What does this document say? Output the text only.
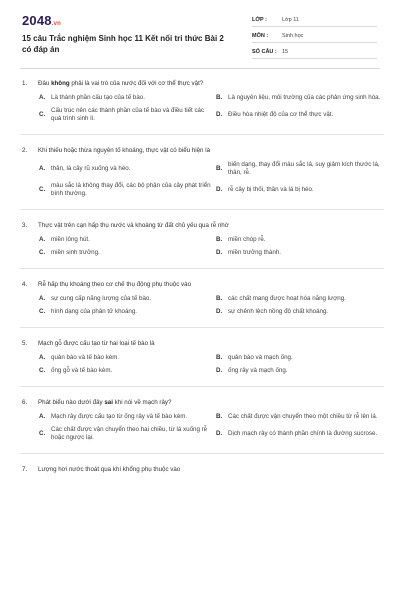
2048.vn
15 câu Trắc nghiệm Sinh học 11 Kết nối tri thức Bài 2 có đáp án
LỚP :	Lớp 11
MÔN :	Sinh học
SỐ CÂU : 15
1.	Đâu không phải là vai trò của nước đối với cơ thể thực vật?
A. Là thành phần cấu tạo của tế bào.	B. Là nguyên liệu, môi trường của các phản ứng sinh hóa.
C.
Cấu trúc nên các thành phần của tế bào và điều tiết các quá trình sinh lí.
D. Điều hòa nhiệt độ của cơ thể thực vật.
2.	Khi thiếu hoặc thừa nguyên tố khoáng, thực vật có biểu hiện là
A. thân, lá cây rũ xuống và héo.	B.
biến dạng, thay đổi màu sắc lá, suy giảm kích thước lá, thân, rễ.
C.
màu sắc lá không thay đổi, các bộ phận của cây phát triển bình thường.
D. rễ cây bị thối, thân và lá bị héo.
3.	Thực vật trên cạn hấp thụ nước và khoáng từ đất chủ yếu qua rễ nhờ
A. miền lông hút.	B. miền chóp rễ.
C. miền sinh trưởng.	D. miền trưởng thành.
4.	Rễ hấp thụ khoáng theo cơ chế thụ động phụ thuộc vào
A. sự cung cấp năng lượng của tế bào.	B. các chất mang được hoạt hóa năng lượng.
C. hình dạng của phân tử khoáng.	D. sự chênh lệch nồng độ chất khoáng.
5.	Mạch gỗ được cấu tạo từ hai loại tế bào là
A. quản bào và tế bào kèm.	B. quản bào và mạch ống.
C. ống gỗ và tế bào kèm.	D. ống rây và mạch ống.
6.	Phát biểu nào dưới đây sai khi nói về mạch rây?
A. Mạch rây được cấu tạo từ ống rây và tế bào kèm.	B. Các chất được vận chuyển theo một chiều từ rễ lên lá.
C.
Các chất được vận chuyển theo hai chiều, từ lá xuống rễ hoặc ngược lại.
D. Dịch mạch rây có thành phần chính là đường sucrose.
7.	Lượng hơi nước thoát qua khí khổng phụ thuộc vào
